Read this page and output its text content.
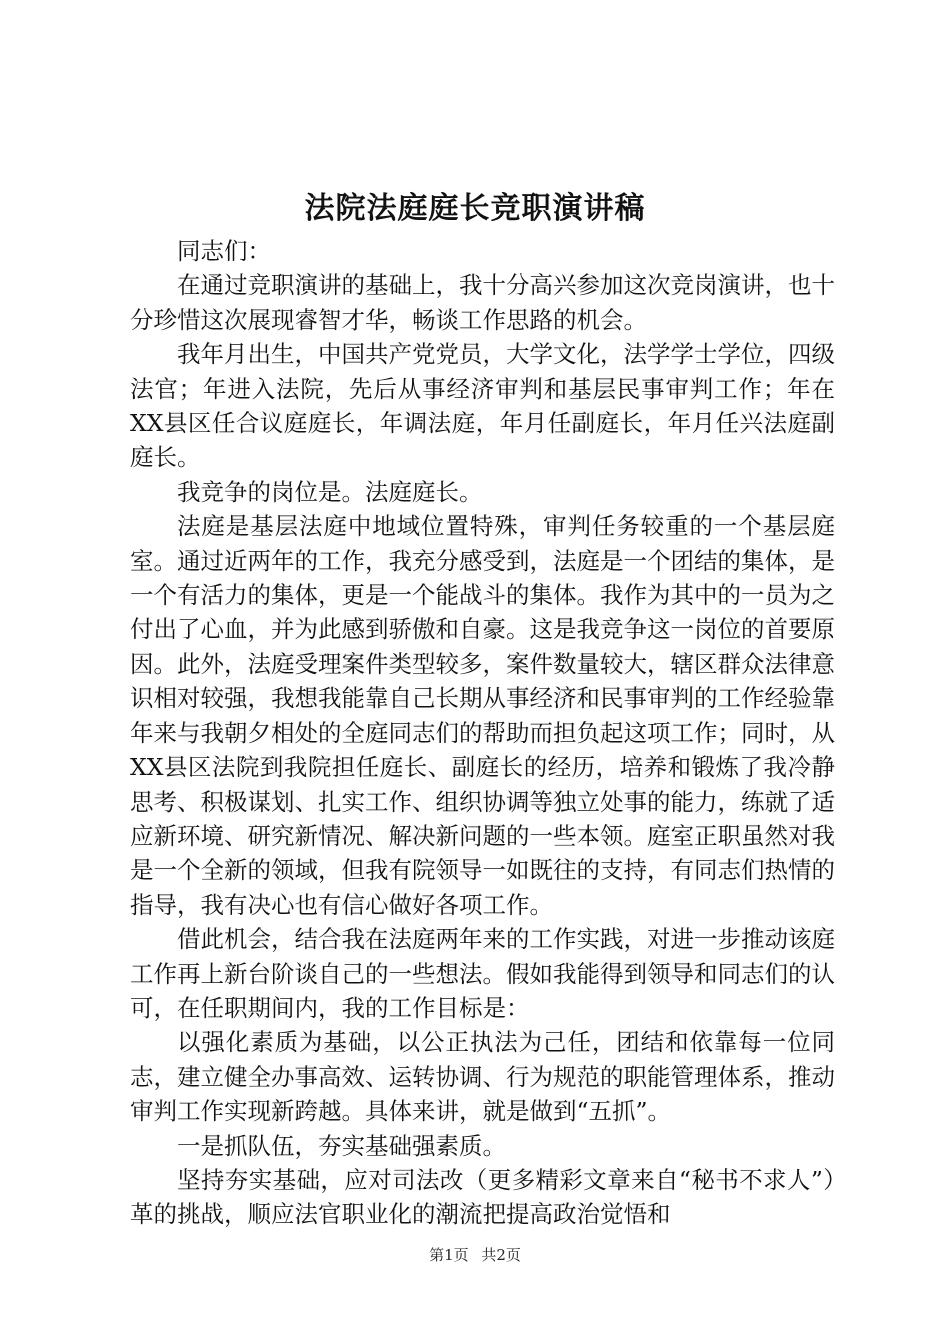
法院法庭庭长竞职演讲稿

同志们：

在通过竞职演讲的基础上，我十分高兴参加这次竞岗演讲，也十分珍惜这次展现睿智才华，畅谈工作思路的机会。

我年月出生，中国共产党党员，大学文化，法学学士学位，四级法官；年进入法院，先后从事经济审判和基层民事审判工作；年在XX县区任合议庭庭长，年调法庭，年月任副庭长，年月任兴法庭副庭长。

我竞争的岗位是。法庭庭长。

法庭是基层法庭中地域位置特殊，审判任务较重的一个基层庭室。通过近两年的工作，我充分感受到，法庭是一个团结的集体，是一个有活力的集体，更是一个能战斗的集体。我作为其中的一员为之付出了心血，并为此感到骄傲和自豪。这是我竞争这一岗位的首要原因。此外，法庭受理案件类型较多，案件数量较大，辖区群众法律意识相对较强，我想我能靠自己长期从事经济和民事审判的工作经验靠年来与我朝夕相处的全庭同志们的帮助而担负起这项工作；同时，从XX县区法院到我院担任庭长、副庭长的经历，培养和锻炼了我冷静思考、积极谋划、扎实工作、组织协调等独立处事的能力，练就了适应新环境、研究新情况、解决新问题的一些本领。庭室正职虽然对我是一个全新的领域，但我有院领导一如既往的支持，有同志们热情的指导，我有决心也有信心做好各项工作。

借此机会，结合我在法庭两年来的工作实践，对进一步推动该庭工作再上新台阶谈自己的一些想法。假如我能得到领导和同志们的认可，在任职期间内，我的工作目标是：

以强化素质为基础，以公正执法为己任，团结和依靠每一位同志，建立健全办事高效、运转协调、行为规范的职能管理体系，推动审判工作实现新跨越。具体来讲，就是做到“五抓”。

一是抓队伍，夯实基础强素质。

坚持夯实基础，应对司法改（更多精彩文章来自“秘书不求人”）革的挑战，顺应法官职业化的潮流把提高政治觉悟和

第1页 共2页
